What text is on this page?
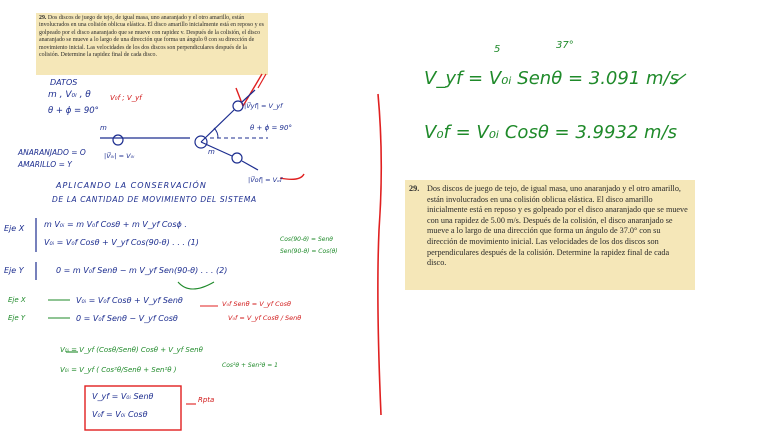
29. Dos discos de juego de tejo, de igual masa, uno anaranjado y el otro amarillo, están involucrados en una colisión oblicua elástica. El disco amarillo inicialmente está en reposo y es golpeado por el disco anaranjado que se mueve con rapidez v. Después de la colisión, el disco anaranjado se mueve a lo largo de una dirección que forma un ángulo θ con su dirección de movimiento inicial. Las velocidades de los dos discos son perpendiculares después de la colisión. Determine la rapidez final de cada disco.
29. Dos discos de juego de tejo, de igual masa, uno anaranjado y el otro amarillo, están involucrados en una colisión oblicua elástica. El disco amarillo inicialmente está en reposo y es golpeado por el disco anaranjado que se mueve con una rapidez de 5.00 m/s. Después de la colisión, el disco anaranjado se mueve a lo largo de una dirección que forma un ángulo de 37.0° con su dirección de movimiento inicial. Las velocidades de los dos discos son perpendiculares después de la colisión. Determine la rapidez final de cada disco.
DATOS
m , V₀ᵢ , θ
θ + ϕ = 90°
V₀f ; V_yf
m
m
|V⃗yf| = V_yf
θ + ϕ = 90°
|V⃗₀ᵢ| = V₀ᵢ
|V⃗of| = Vₒf
ANARANJADO = O
AMARILLO = Y
APLICANDO LA CONSERVACIÓN
DE LA CANTIDAD DE MOVIMIENTO DEL SISTEMA
Eje X m V₀ᵢ = m V₀f Cosθ + m V_yf Cosϕ .
V₀ᵢ = V₀f Cosθ + V_yf Cos(90-θ) . . . (1)	Cos(90-θ) = Senθ
Sen(90-θ) = Cos(θ)
Eje Y	0 = m V₀f Senθ − m V_yf Sen(90-θ) . . . (2)
Eje X
Eje Y
V₀ᵢ = V₀f Cosθ + V_yf Senθ
0 = V₀f Senθ − V_yf Cosθ
V₀f Senθ = V_yf Cosθ
V₀f = V_yf Cosθ / Senθ
V₀ᵢ = V_yf (Cosθ/Senθ) Cosθ + V_yf Senθ
V₀ᵢ = V_yf ( Cos²θ/Senθ + Sen²θ )
Cos²θ + Sen²θ = 1
V_yf = V₀ᵢ Senθ
V₀f = V₀ᵢ Cosθ
Rpta
5	37°
V_yf = V₀ᵢ Senθ = 3.091 m/s
V₀f = V₀ᵢ Cosθ = 3.9932 m/s
